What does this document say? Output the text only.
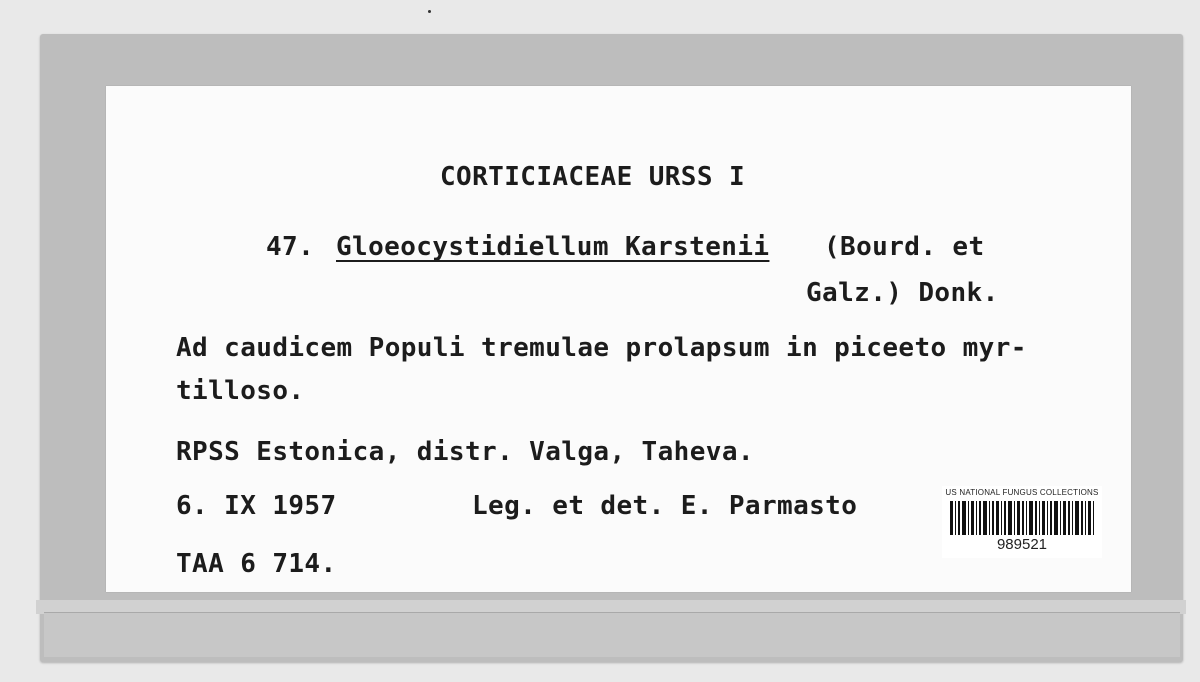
CORTICIACEAE URSS I
47. Gloeocystidiellum Karstenii (Bourd. et
Galz.) Donk.
Ad caudicem Populi tremulae prolapsum in piceeto myr-
tilloso.
RPSS Estonica, distr. Valga, Taheva.
6. IX 1957	Leg. et det. E. Parmasto
TAA 6 714.
US NATIONAL FUNGUS COLLECTIONS
989521
